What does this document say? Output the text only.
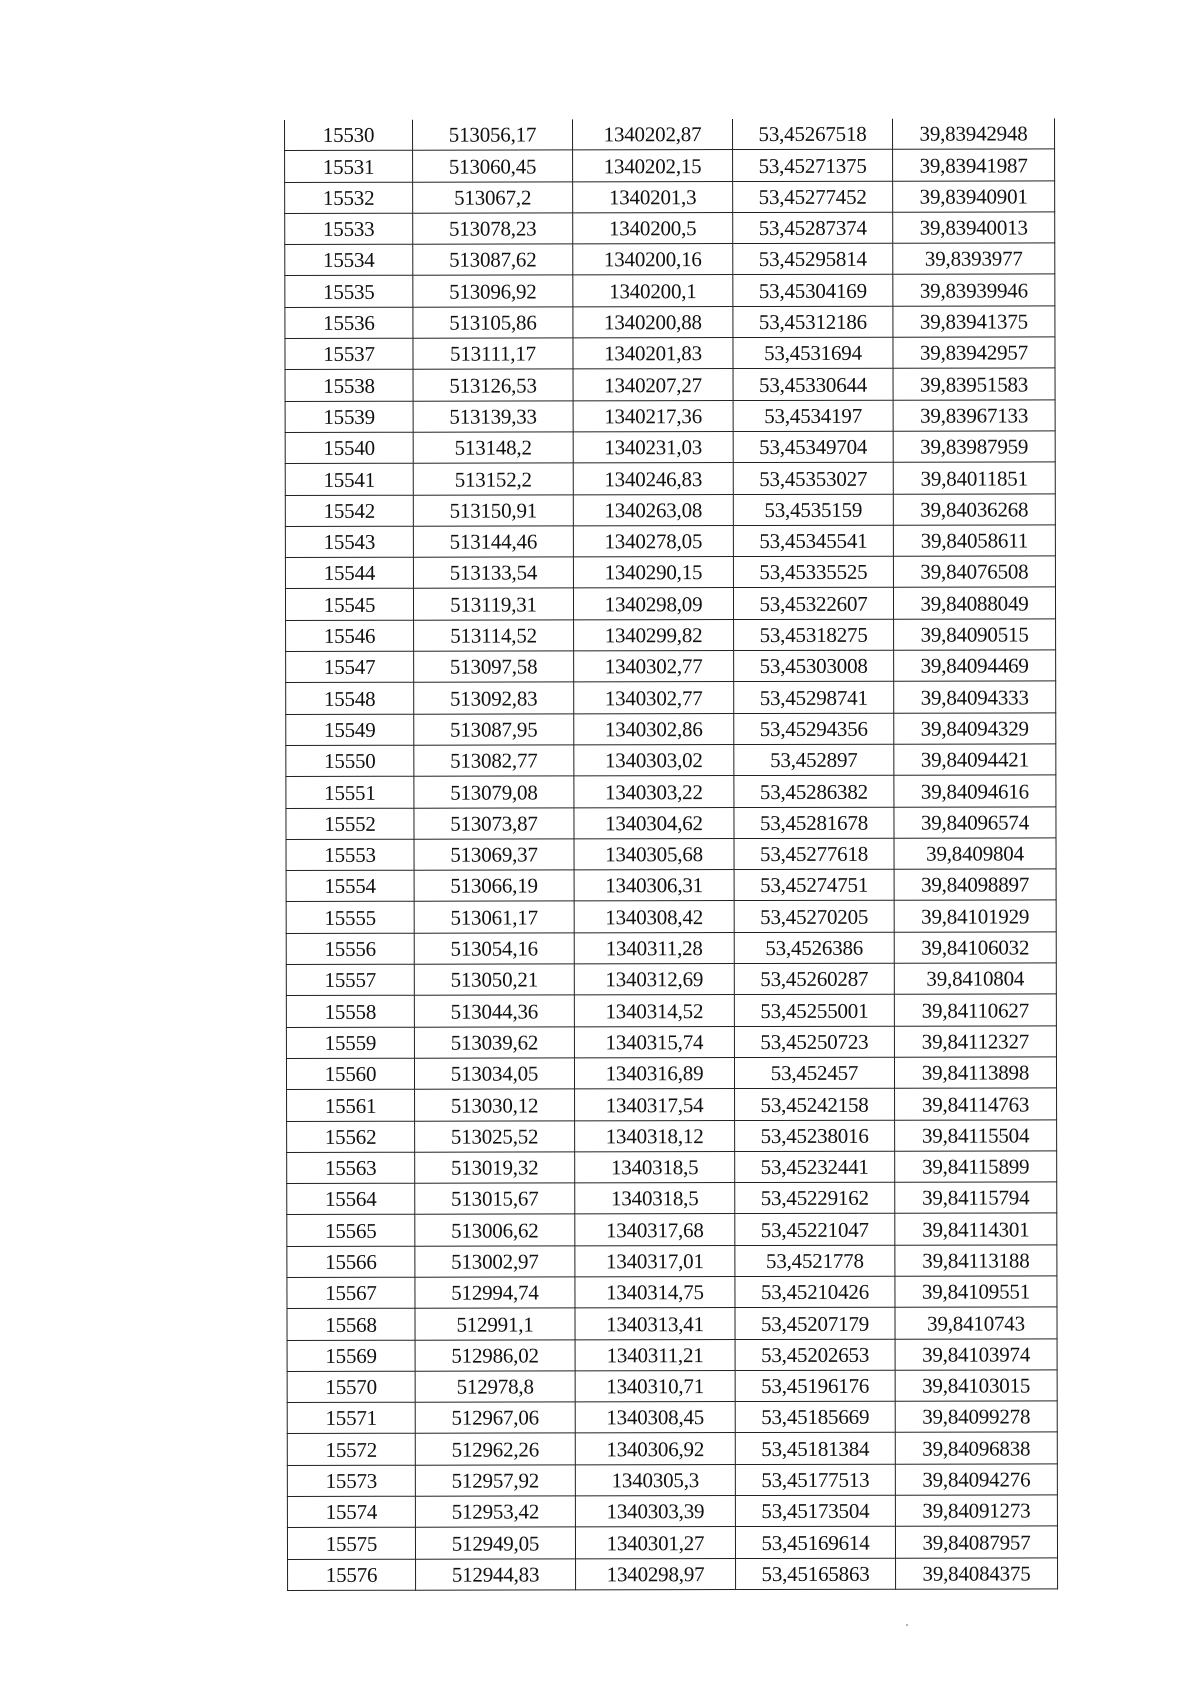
15530	513056,17	1340202,87	53,45267518	39,83942948
15531	513060,45	1340202,15	53,45271375	39,83941987
15532	513067,2	1340201,3	53,45277452	39,83940901
15533	513078,23	1340200,5	53,45287374	39,83940013
15534	513087,62	1340200,16	53,45295814	39,8393977
15535	513096,92	1340200,1	53,45304169	39,83939946
15536	513105,86	1340200,88	53,45312186	39,83941375
15537	513111,17	1340201,83	53,4531694	39,83942957
15538	513126,53	1340207,27	53,45330644	39,83951583
15539	513139,33	1340217,36	53,4534197	39,83967133
15540	513148,2	1340231,03	53,45349704	39,83987959
15541	513152,2	1340246,83	53,45353027	39,84011851
15542	513150,91	1340263,08	53,4535159	39,84036268
15543	513144,46	1340278,05	53,45345541	39,84058611
15544	513133,54	1340290,15	53,45335525	39,84076508
15545	513119,31	1340298,09	53,45322607	39,84088049
15546	513114,52	1340299,82	53,45318275	39,84090515
15547	513097,58	1340302,77	53,45303008	39,84094469
15548	513092,83	1340302,77	53,45298741	39,84094333
15549	513087,95	1340302,86	53,45294356	39,84094329
15550	513082,77	1340303,02	53,452897	39,84094421
15551	513079,08	1340303,22	53,45286382	39,84094616
15552	513073,87	1340304,62	53,45281678	39,84096574
15553	513069,37	1340305,68	53,45277618	39,8409804
15554	513066,19	1340306,31	53,45274751	39,84098897
15555	513061,17	1340308,42	53,45270205	39,84101929
15556	513054,16	1340311,28	53,4526386	39,84106032
15557	513050,21	1340312,69	53,45260287	39,8410804
15558	513044,36	1340314,52	53,45255001	39,84110627
15559	513039,62	1340315,74	53,45250723	39,84112327
15560	513034,05	1340316,89	53,452457	39,84113898
15561	513030,12	1340317,54	53,45242158	39,84114763
15562	513025,52	1340318,12	53,45238016	39,84115504
15563	513019,32	1340318,5	53,45232441	39,84115899
15564	513015,67	1340318,5	53,45229162	39,84115794
15565	513006,62	1340317,68	53,45221047	39,84114301
15566	513002,97	1340317,01	53,4521778	39,84113188
15567	512994,74	1340314,75	53,45210426	39,84109551
15568	512991,1	1340313,41	53,45207179	39,8410743
15569	512986,02	1340311,21	53,45202653	39,84103974
15570	512978,8	1340310,71	53,45196176	39,84103015
15571	512967,06	1340308,45	53,45185669	39,84099278
15572	512962,26	1340306,92	53,45181384	39,84096838
15573	512957,92	1340305,3	53,45177513	39,84094276
15574	512953,42	1340303,39	53,45173504	39,84091273
15575	512949,05	1340301,27	53,45169614	39,84087957
15576	512944,83	1340298,97	53,45165863	39,84084375
